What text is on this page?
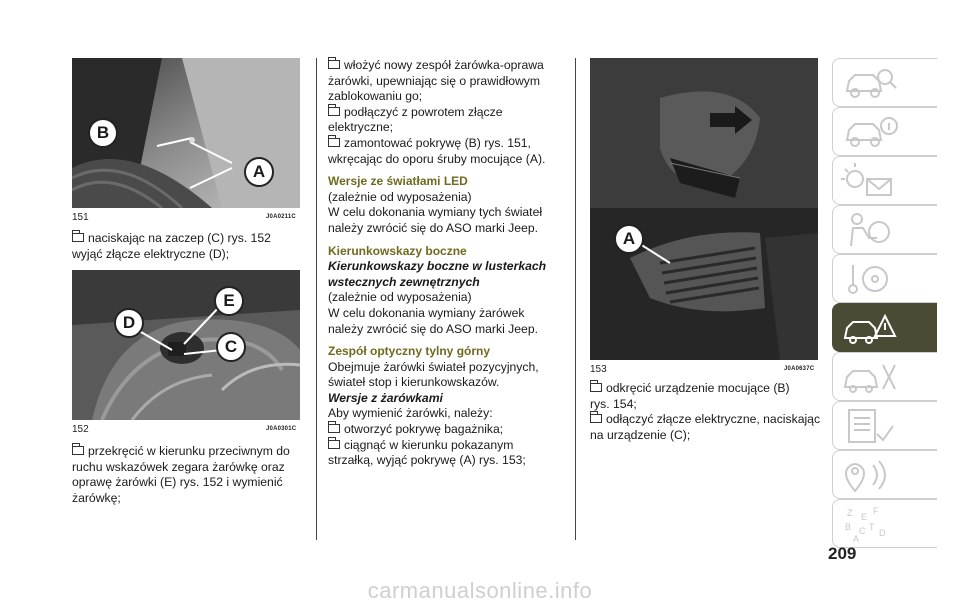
B
A
151	J0A0211C

naciskając na zaczep (C) rys. 152

wyjąć złącze elektryczne (D);

E
D
C
152	J0A0301C

przekręcić w kierunku przeciwnym do

ruchu wskazówek zegara żarówkę oraz

oprawę żarówki (E) rys. 152 i wymienić

żarówkę;

włożyć nowy zespół żarówka-oprawa

żarówki, upewniając się o prawidłowym

zablokowaniu go;

podłączyć z powrotem złącze

elektryczne;

zamontować pokrywę (B) rys. 151,

wkręcając do oporu śruby mocujące (A).

Wersje ze światłami LED

(zależnie od wyposażenia)

W celu dokonania wymiany tych świateł

należy zwrócić się do ASO marki Jeep.

Kierunkowskazy boczne

Kierunkowskazy boczne w lusterkach

wstecznych zewnętrznych

(zależnie od wyposażenia)

W celu dokonania wymiany żarówek

należy zwrócić się do ASO marki Jeep.

Zespół optyczny tylny górny

Obejmuje żarówki świateł pozycyjnych,

świateł stop i kierunkowskazów.

Wersje z żarówkami

Aby wymienić żarówki, należy:

otworzyć pokrywę bagażnika;

ciągnąć w kierunku pokazanym

strzałką, wyjąć pokrywę (A) rys. 153;

A
153	J0A0637C

odkręcić urządzenie mocujące (B)

rys. 154;

odłączyć złącze elektryczne, naciskając

na urządzenie (C);

Z E
F
B C T
D
A
209
carmanualsonline.info
